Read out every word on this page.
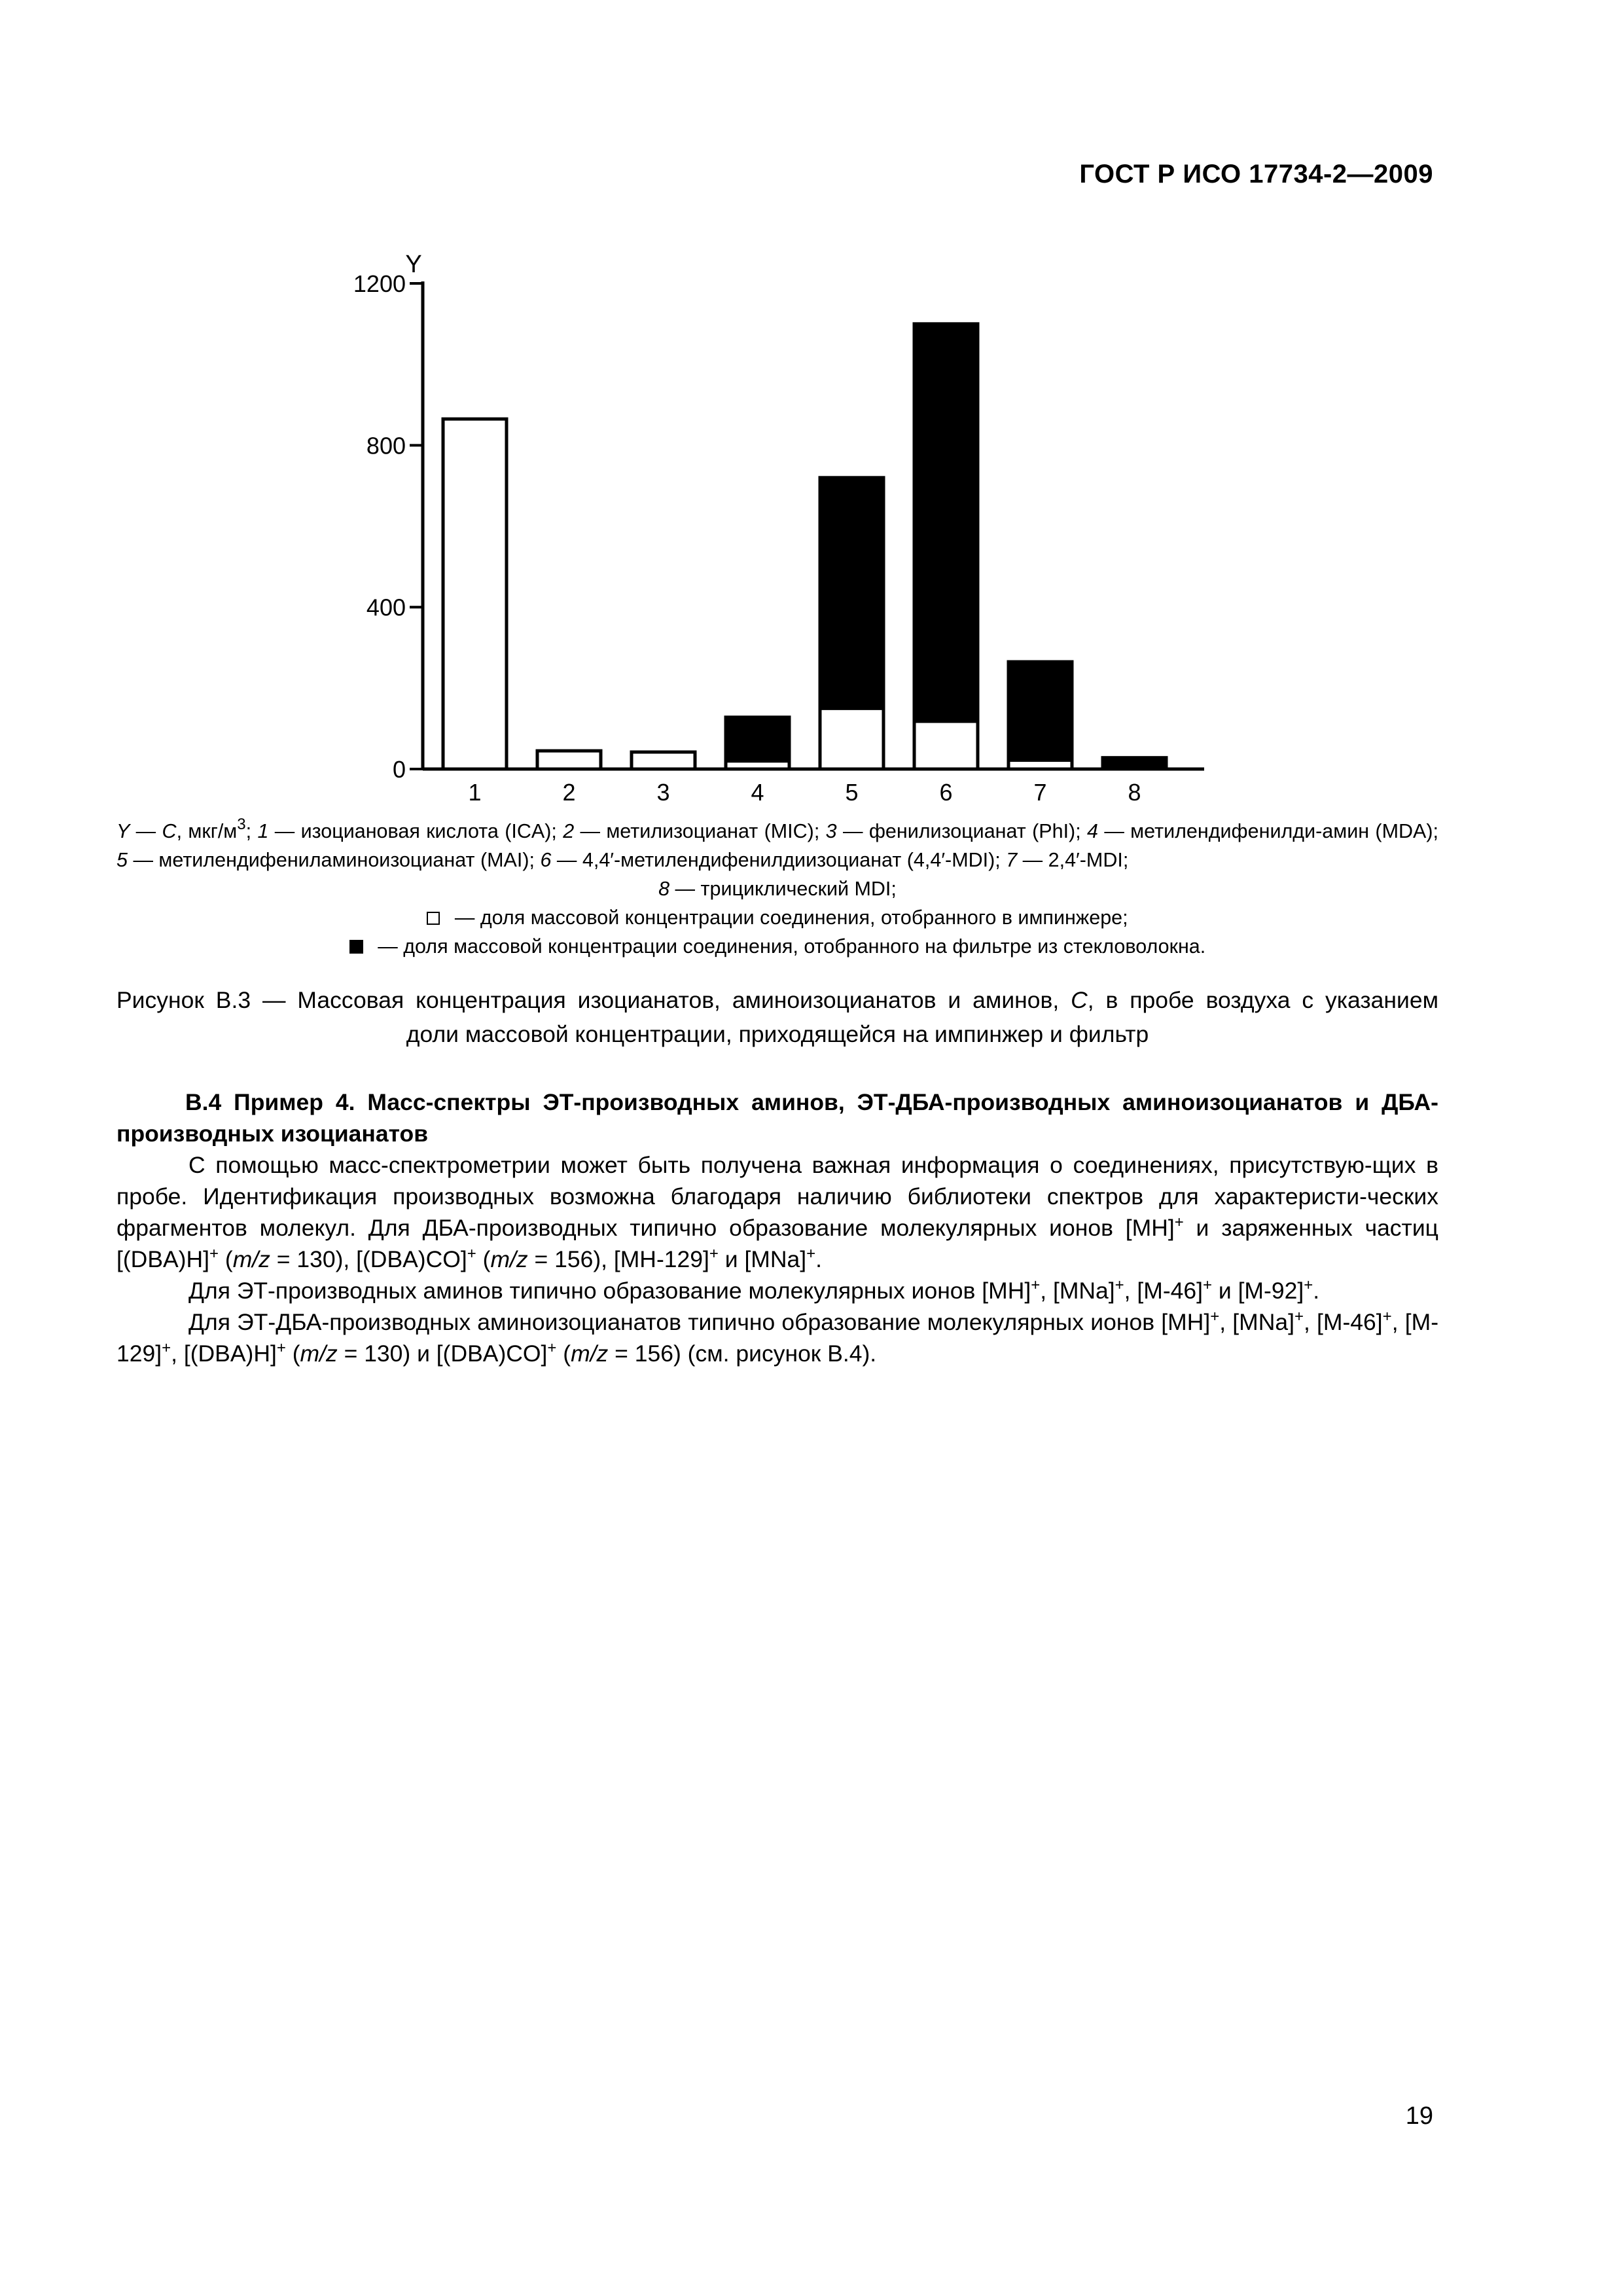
ГОСТ Р ИСО 17734-2—2009
1	2	3	4	5	6	7	8
0
400
800
1200
Y
Y — C, мкг/$м^3$; 1 — изоциановая кислота (ICA); 2 — метилизоцианат (MIC); 3 — фенилизоцианат (PhI); 4 — метилендифенилди-амин (MDA); 5 — метилендифениламиноизоцианат (MAI); 6 — 4,4′-метилендифенилдиизоцианат (4,4′-MDI); 7 — 2,4′-MDI;
8 — трициклический MDI;
— доля массовой концентрации соединения, отобранного в импинжере;
— доля массовой концентрации соединения, отобранного на фильтре из стекловолокна.
Рисунок В.3 — Массовая концентрация изоцианатов, аминоизоцианатов и аминов, C, в пробе воздуха с указанием
доли массовой концентрации, приходящейся на импинжер и фильтр

В.4 Пример 4. Масс-спектры ЭТ-производных аминов, ЭТ-ДБА-производных аминоизоцианатов и ДБА-производных изоцианатов

С помощью масс-спектрометрии может быть получена важная информация о соединениях, присутствую-щих в пробе. Идентификация производных возможна благодаря наличию библиотеки спектров для характеристи-ческих фрагментов молекул. Для ДБА-производных типично образование молекулярных ионов [MH]+ и заряженных частиц [(DBA)H]+ (m/z = 130), [(DBA)CO]+ (m/z = 156), [MH-129]+ и [MNa]+.

Для ЭТ-производных аминов типично образование молекулярных ионов [MH]+, [MNa]+, [M-46]+ и [M-92]+.

Для ЭТ-ДБА-производных аминоизоцианатов типично образование молекулярных ионов [MH]+, [MNa]+, [M-46]+, [M-129]+, [(DBA)H]+ (m/z = 130) и [(DBA)CO]+ (m/z = 156) (см. рисунок В.4).

19
